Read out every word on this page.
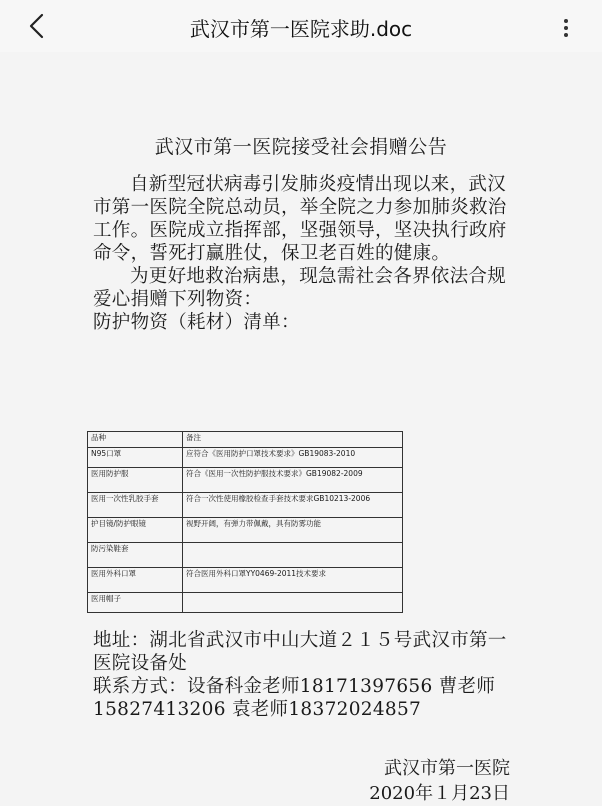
武汉市第一医院求助.doc
武汉市第一医院接受社会捐赠公告

自新型冠状病毒引发肺炎疫情出现以来，武汉市第一医院全院总动员，举全院之力参加肺炎救治工作。医院成立指挥部，坚强领导，坚决执行政府命令，誓死打赢胜仗，保卫老百姓的健康。

为更好地救治病患，现急需社会各界依法合规爱心捐赠下列物资：

防护物资（耗材）清单：

品种	备注
N95口罩	应符合《医用防护口罩技术要求》GB19083-2010
医用防护服	符合《医用一次性防护服技术要求》GB19082-2009
医用一次性乳胶手套	符合一次性使用橡胶检查手套技术要求GB10213-2006
护目镜/防护眼镜	视野开阔，有弹力带佩戴，具有防雾功能
防污染鞋套	
医用外科口罩	符合医用外科口罩YY0469-2011技术要求
医用帽子	

地址：湖北省武汉市中山大道２１５号武汉市第一医院设备处

联系方式：设备科金老师18171397656 曹老师15827413206 袁老师18372024857

武汉市第一医院
2020年１月23日
